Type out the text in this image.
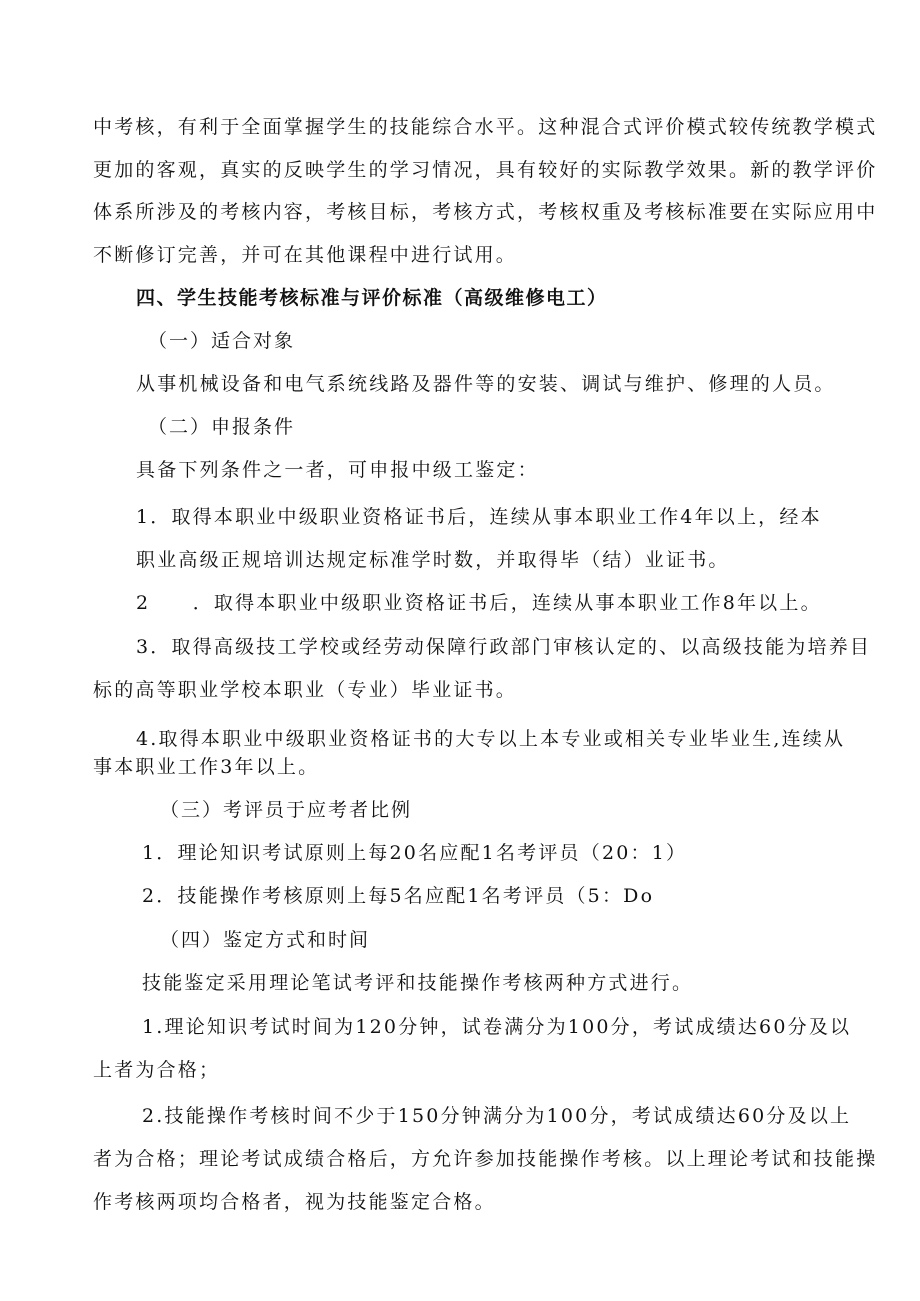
中考核，有利于全面掌握学生的技能综合水平。这种混合式评价模式较传统教学模式
更加的客观，真实的反映学生的学习情况，具有较好的实际教学效果。新的教学评价
体系所涉及的考核内容，考核目标，考核方式，考核权重及考核标准要在实际应用中
不断修订完善，并可在其他课程中进行试用。
四、学生技能考核标准与评价标准（高级维修电工）
（一）适合对象
从事机械设备和电气系统线路及器件等的安装、调试与维护、修理的人员。
（二）申报条件
具备下列条件之一者，可申报中级工鉴定：
1．取得本职业中级职业资格证书后，连续从事本职业工作4年以上，经本
职业高级正规培训达规定标准学时数，并取得毕（结）业证书。
2　　．取得本职业中级职业资格证书后，连续从事本职业工作8年以上。
3．取得高级技工学校或经劳动保障行政部门审核认定的、以高级技能为培养目
标的高等职业学校本职业（专业）毕业证书。
4.取得本职业中级职业资格证书的大专以上本专业或相关专业毕业生,连续从
事本职业工作3年以上。
（三）考评员于应考者比例
1．理论知识考试原则上每20名应配1名考评员（20：1）
2．技能操作考核原则上每5名应配1名考评员（5：Do
（四）鉴定方式和时间
技能鉴定采用理论笔试考评和技能操作考核两种方式进行。
1.理论知识考试时间为120分钟，试卷满分为100分，考试成绩达60分及以
上者为合格；
2.技能操作考核时间不少于150分钟满分为100分，考试成绩达60分及以上
者为合格；理论考试成绩合格后，方允许参加技能操作考核。以上理论考试和技能操
作考核两项均合格者，视为技能鉴定合格。
